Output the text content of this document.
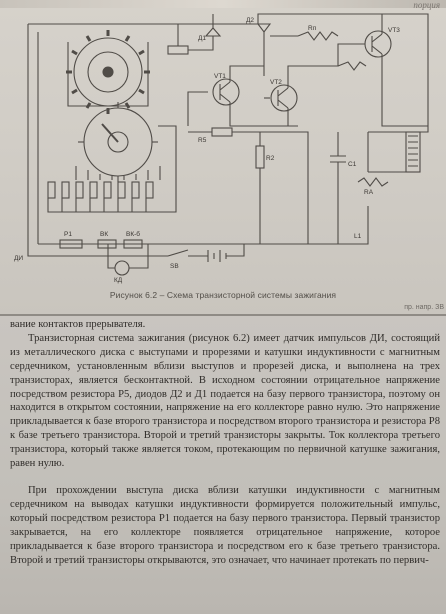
порция
Д1
Д2
VT1
VT2
VT3
R5
R2
С1
Rп
RA
L1
P1	ВК	ВК-б
КД
SB
ДИ
Рисунок 6.2 – Схема транзисторной системы зажигания
пр. напр. ЗВ

вание контактов прерывателя.

Транзисторная система зажигания (рисунок 6.2) имеет датчик импульсов ДИ, состоящий из металлического диска с выступами и прорезями и катушки индуктивности с магнитным сердечником, установленным вблизи выступов и прорезей диска, и выполнена на трех транзисторах, является бесконтактной. В исходном состоянии отрицательное напряжение посредством резистора Р5, диодов Д2 и Д1 подается на базу первого транзистора, поэтому он находится в открытом состоянии, напряжение на его коллекторе равно нулю. Это напряжение прикладывается к базе второго транзистора и посредством второго транзистора и резистора Р8 к базе третьего транзистора. Второй и третий транзисторы закрыты. Ток коллектора третьего транзистора, который также является током, протекающим по первичной катушке зажигания, равен нулю.

При прохождении выступа диска вблизи катушки индуктивности с магнитным сердечником на выводах катушки индуктивности формируется положительный импульс, который посредством резистора Р1 подается на базу первого транзистора. Первый транзистор закрывается, на его коллекторе появляется отрицательное напряжение, которое прикладывается к базе второго транзистора и посредством его к базе третьего транзистора. Второй и третий транзисторы открываются, это означает, что начинает протекать по первич-
